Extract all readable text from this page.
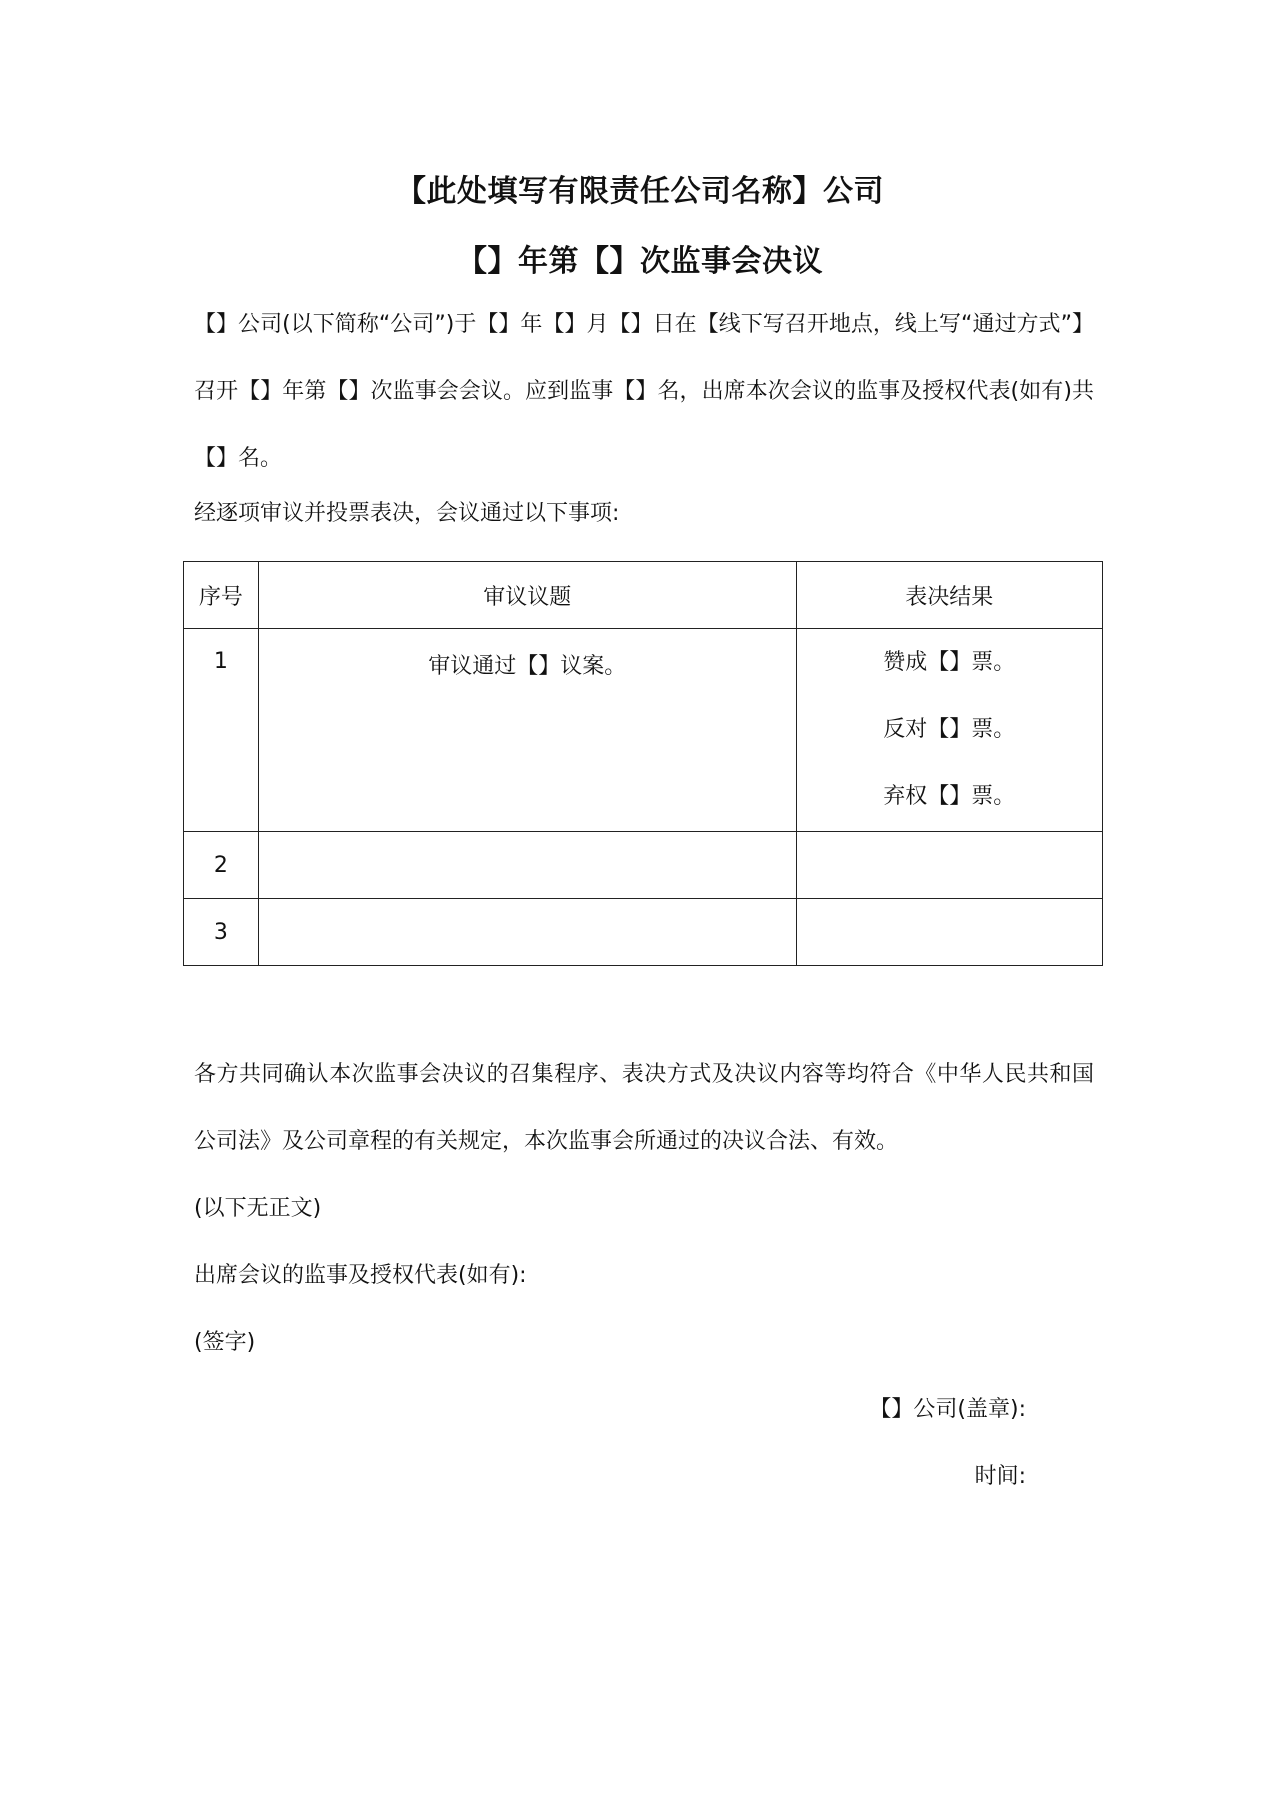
【此处填写有限责任公司名称】公司
【】年第【】次监事会决议

【】公司(以下简称“公司”)于【】年【】月【】日在【线下写召开地点，线上写“通过方式”】召开【】年第【】次监事会会议。应到监事【】名，出席本次会议的监事及授权代表(如有)共【】名。

经逐项审议并投票表决，会议通过以下事项:

序号	审议议题	表决结果

1	审议通过【】议案。	赞成【】票。
反对【】票。
弃权【】票。

2		
3		

各方共同确认本次监事会决议的召集程序、表决方式及决议内容等均符合《中华人民共和国公司法》及公司章程的有关规定，本次监事会所通过的决议合法、有效。

(以下无正文)

出席会议的监事及授权代表(如有):

(签字)

【】公司(盖章):
时间:
